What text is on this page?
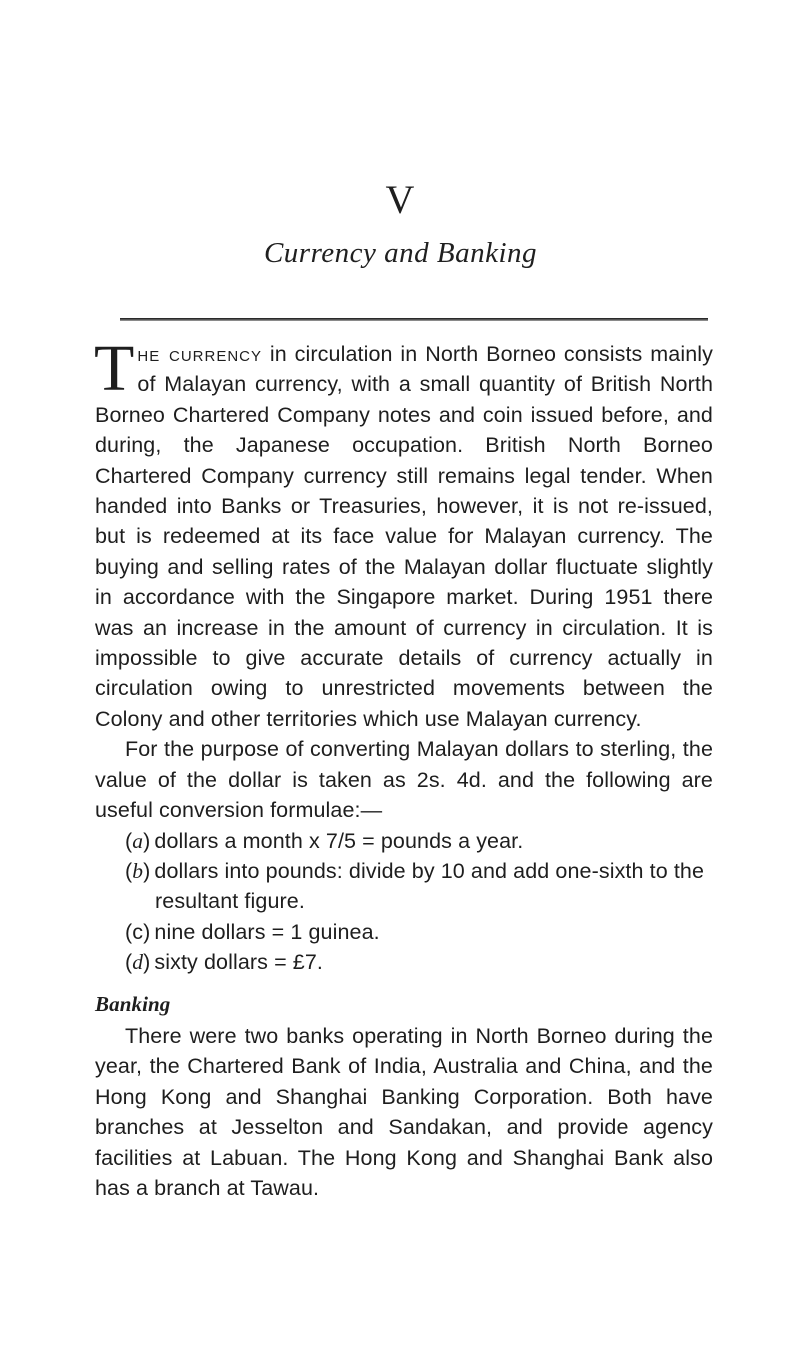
V
Currency and Banking

The currency in circulation in North Borneo consists mainly of Malayan currency, with a small quantity of British North Borneo Chartered Company notes and coin issued before, and during, the Japanese occupation. British North Borneo Chartered Company currency still remains legal tender. When handed into Banks or Treasuries, however, it is not re-issued, but is redeemed at its face value for Malayan currency. The buying and selling rates of the Malayan dollar fluctuate slightly in accordance with the Singapore market. During 1951 there was an increase in the amount of currency in circulation. It is impossible to give accurate details of currency actually in circulation owing to unrestricted movements between the Colony and other territories which use Malayan currency.

For the purpose of converting Malayan dollars to sterling, the value of the dollar is taken as 2s. 4d. and the following are useful conversion formulae:—

(a) dollars a month x 7/5 = pounds a year.
(b) dollars into pounds: divide by 10 and add one-sixth to the resultant figure.
(c) nine dollars = 1 guinea.
(d) sixty dollars = £7.

Banking

There were two banks operating in North Borneo during the year, the Chartered Bank of India, Australia and China, and the Hong Kong and Shanghai Banking Corporation. Both have branches at Jesselton and Sandakan, and provide agency facilities at Labuan. The Hong Kong and Shanghai Bank also has a branch at Tawau.
